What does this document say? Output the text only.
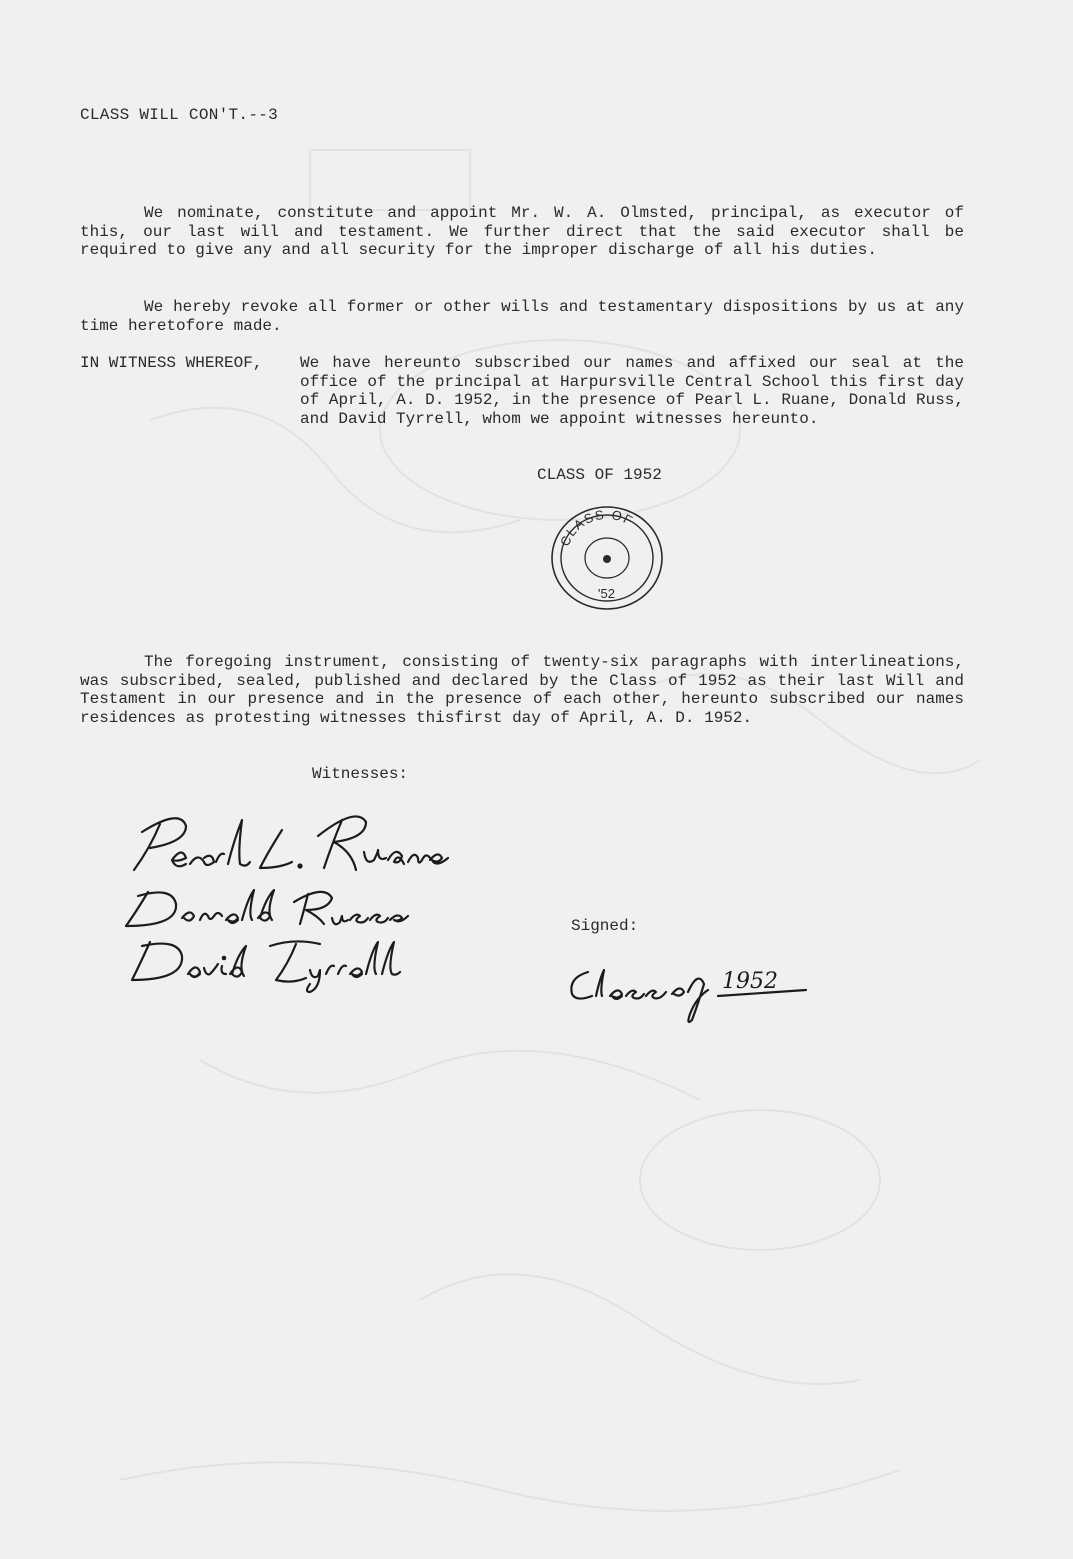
CLASS WILL CON'T.--3

We nominate, constitute and appoint Mr. W. A. Olmsted, principal, as executor of this, our last will and testament. We further direct that the said executor shall be required to give any and all security for the improper discharge of all his duties.

We hereby revoke all former or other wills and testamentary dispositions by us at any time heretofore made.

IN WITNESS WHEREOF, We have hereunto subscribed our names and affixed our seal at the office of the principal at Harpursville Central School this first day of April, A. D. 1952, in the presence of Pearl L. Ruane, Donald Russ, and David Tyrrell, whom we appoint witnesses hereunto.

CLASS OF 1952
CLASS OF
'52

The foregoing instrument, consisting of twenty-six paragraphs with interlineations, was subscribed, sealed, published and declared by the Class of 1952 as their last Will and Testament in our presence and in the presence of each other, hereunto subscribed our names residences as protesting witnesses thisfirst day of April, A. D. 1952.

Witnesses:
Signed:
1952
